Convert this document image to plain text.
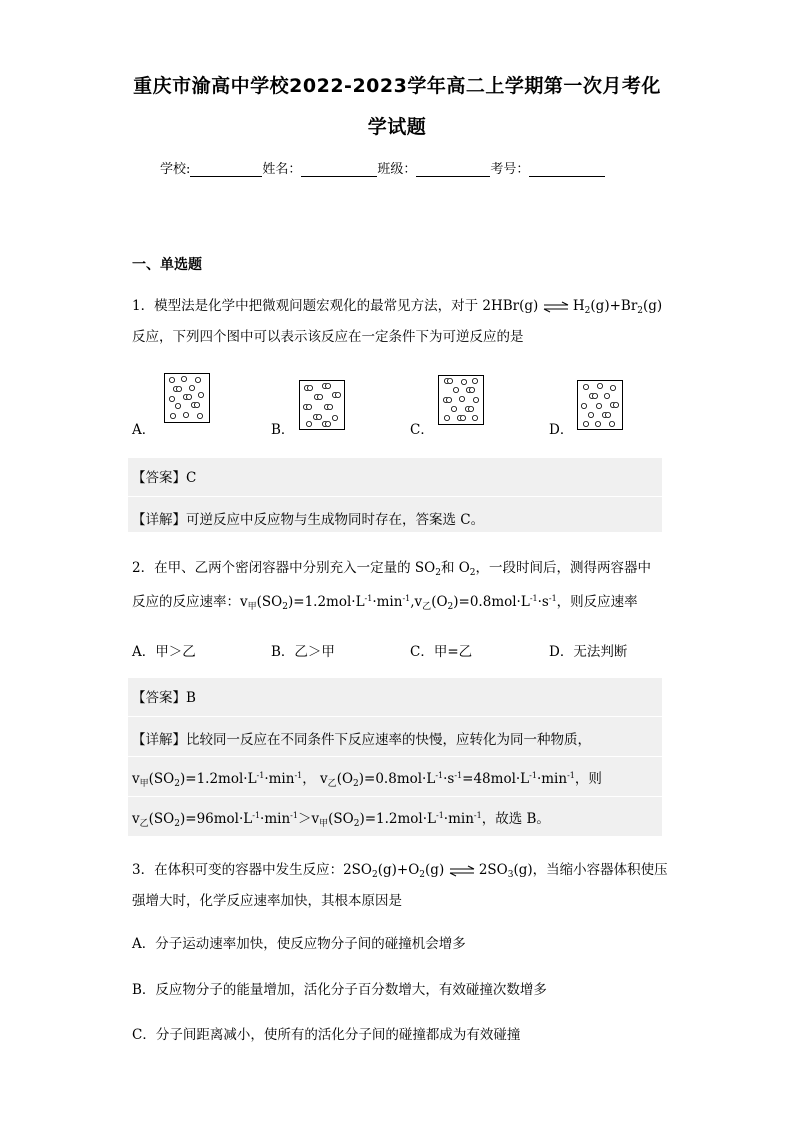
重庆市渝高中学校2022-2023学年高二上学期第一次月考化
学试题
学校:	姓名：	班级：	考号：
一、单选题
1．模型法是化学中把微观问题宏观化的最常见方法，对于 2HBr(g) ⇌ $H_2(g)+Br_2(g)$
反应，下列四个图中可以表示该反应在一定条件下为可逆反应的是
A．	B．	C．	D．
【答案】C
【详解】可逆反应中反应物与生成物同时存在，答案选 C。
2．在甲、乙两个密闭容器中分别充入一定量的 $SO_2$和 $O_2$，一段时间后，测得两容器中
反应的反应速率：$v_甲(SO_2)=1.2mol\cdot L^{-1}\cdot\min^{-1},v_乙(O_2)=0.8mol\cdot L^{-1}\cdot s^{-1}$，则反应速率
A．甲＞乙	B．乙＞甲	C．甲=乙	D．无法判断
【答案】B
【详解】比较同一反应在不同条件下反应速率的快慢，应转化为同一种物质，
$v_甲(SO_2)=1.2mol\cdot L^{-1}\cdot\min^{-1}$， $v_乙(O_2)=0.8mol\cdot L^{-1}\cdot s^{-1}=48mol\cdot L^{-1}\cdot\min^{-1}$，则
$v_乙(SO_2)=96mol\cdot L^{-1}\cdot\min^{-1}>v_甲(SO_2)=1.2mol\cdot L^{-1}\cdot\min^{-1}$，故选 B。
3．在体积可变的容器中发生反应：$2SO_2(g)+O_2(g)$ ⇌ $2SO_3(g)$，当缩小容器体积使压
强增大时，化学反应速率加快，其根本原因是
A．分子运动速率加快，使反应物分子间的碰撞机会增多
B．反应物分子的能量增加，活化分子百分数增大，有效碰撞次数增多
C．分子间距离减小，使所有的活化分子间的碰撞都成为有效碰撞
